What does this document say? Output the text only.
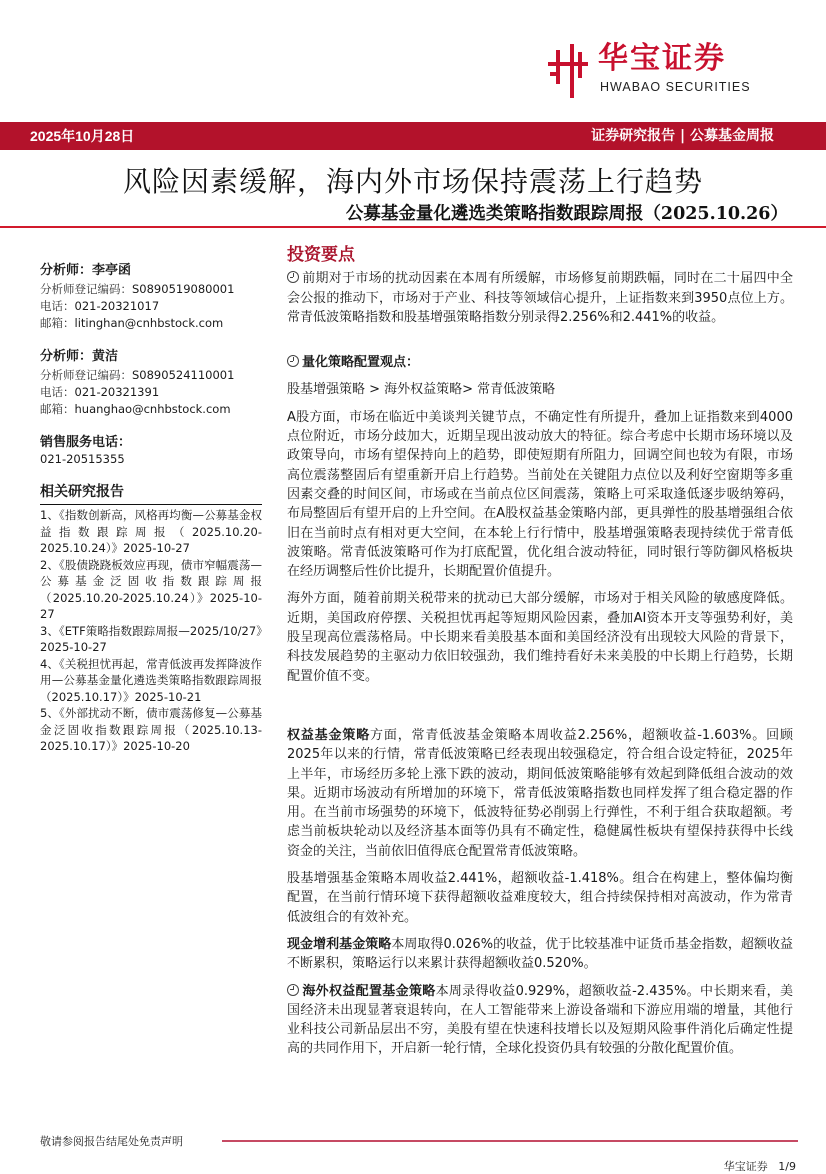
华宝证券
HWABAO SECURITIES
2025年10月28日	证券研究报告 | 公募基金周报
风险因素缓解，海内外市场保持震荡上行趋势
公募基金量化遴选类策略指数跟踪周报（2025.10.26）
分析师：李亭函
分析师登记编码：S0890519080001
电话：021-20321017
邮箱：litinghan@cnhbstock.com
分析师：黄洁
分析师登记编码：S0890524110001
电话：021-20321391
邮箱：huanghao@cnhbstock.com
销售服务电话：
021-20515355
相关研究报告
1、《指数创新高，风格再均衡—公募基金权益指数跟踪周报（2025.10.20-2025.10.24）》2025-10-27
2、《股债跷跷板效应再现，债市窄幅震荡—公募基金泛固收指数跟踪周报（2025.10.20-2025.10.24）》2025-10-27
3、《ETF策略指数跟踪周报—2025/10/27》2025-10-27
4、《关税担忧再起，常青低波再发挥降波作用—公募基金量化遴选类策略指数跟踪周报（2025.10.17）》2025-10-21
5、《外部扰动不断，债市震荡修复—公募基金泛固收指数跟踪周报（2025.10.13-2025.10.17）》2025-10-20
投资要点

前期对于市场的扰动因素在本周有所缓解，市场修复前期跌幅，同时在二十届四中全会公报的推动下，市场对于产业、科技等领域信心提升，上证指数来到3950点位上方。常青低波策略指数和股基增强策略指数分别录得2.256%和2.441%的收益。

量化策略配置观点：

股基增强策略 > 海外权益策略> 常青低波策略

A股方面，市场在临近中美谈判关键节点，不确定性有所提升，叠加上证指数来到4000点位附近，市场分歧加大，近期呈现出波动放大的特征。综合考虑中长期市场环境以及政策导向，市场有望保持向上的趋势，即使短期有所阻力，回调空间也较为有限，市场高位震荡整固后有望重新开启上行趋势。当前处在关键阻力点位以及利好空窗期等多重因素交叠的时间区间，市场或在当前点位区间震荡，策略上可采取逢低逐步吸纳筹码，布局整固后有望开启的上升空间。在A股权益基金策略内部，更具弹性的股基增强组合依旧在当前时点有相对更大空间，在本轮上行行情中，股基增强策略表现持续优于常青低波策略。常青低波策略可作为打底配置，优化组合波动特征，同时银行等防御风格板块在经历调整后性价比提升，长期配置价值提升。

海外方面，随着前期关税带来的扰动已大部分缓解，市场对于相关风险的敏感度降低。近期，美国政府停摆、关税担忧再起等短期风险因素，叠加AI资本开支等强势利好，美股呈现高位震荡格局。中长期来看美股基本面和美国经济没有出现较大风险的背景下，科技发展趋势的主驱动力依旧较强劲，我们维持看好未来美股的中长期上行趋势，长期配置价值不变。

权益基金策略方面，常青低波基金策略本周收益2.256%，超额收益-1.603%。回顾2025年以来的行情，常青低波策略已经表现出较强稳定，符合组合设定特征，2025年上半年，市场经历多轮上涨下跌的波动，期间低波策略能够有效起到降低组合波动的效果。近期市场波动有所增加的环境下，常青低波策略指数也同样发挥了组合稳定器的作用。在当前市场强势的环境下，低波特征势必削弱上行弹性，不利于组合获取超额。考虑当前板块轮动以及经济基本面等仍具有不确定性，稳健属性板块有望保持获得中长线资金的关注，当前依旧值得底仓配置常青低波策略。

股基增强基金策略本周收益2.441%，超额收益-1.418%。组合在构建上，整体偏均衡配置，在当前行情环境下获得超额收益难度较大，组合持续保持相对高波动，作为常青低波组合的有效补充。

现金增利基金策略本周取得0.026%的收益，优于比较基准中证货币基金指数，超额收益不断累积，策略运行以来累计获得超额收益0.520%。

海外权益配置基金策略本周录得收益0.929%，超额收益-2.435%。中长期来看，美国经济未出现显著衰退转向，在人工智能带来上游设备端和下游应用端的增量，其他行业科技公司新品层出不穷，美股有望在快速科技增长以及短期风险事件消化后确定性提高的共同作用下，开启新一轮行情，全球化投资仍具有较强的分散化配置价值。

敬请参阅报告结尾处免责声明
华宝证券 1/9
